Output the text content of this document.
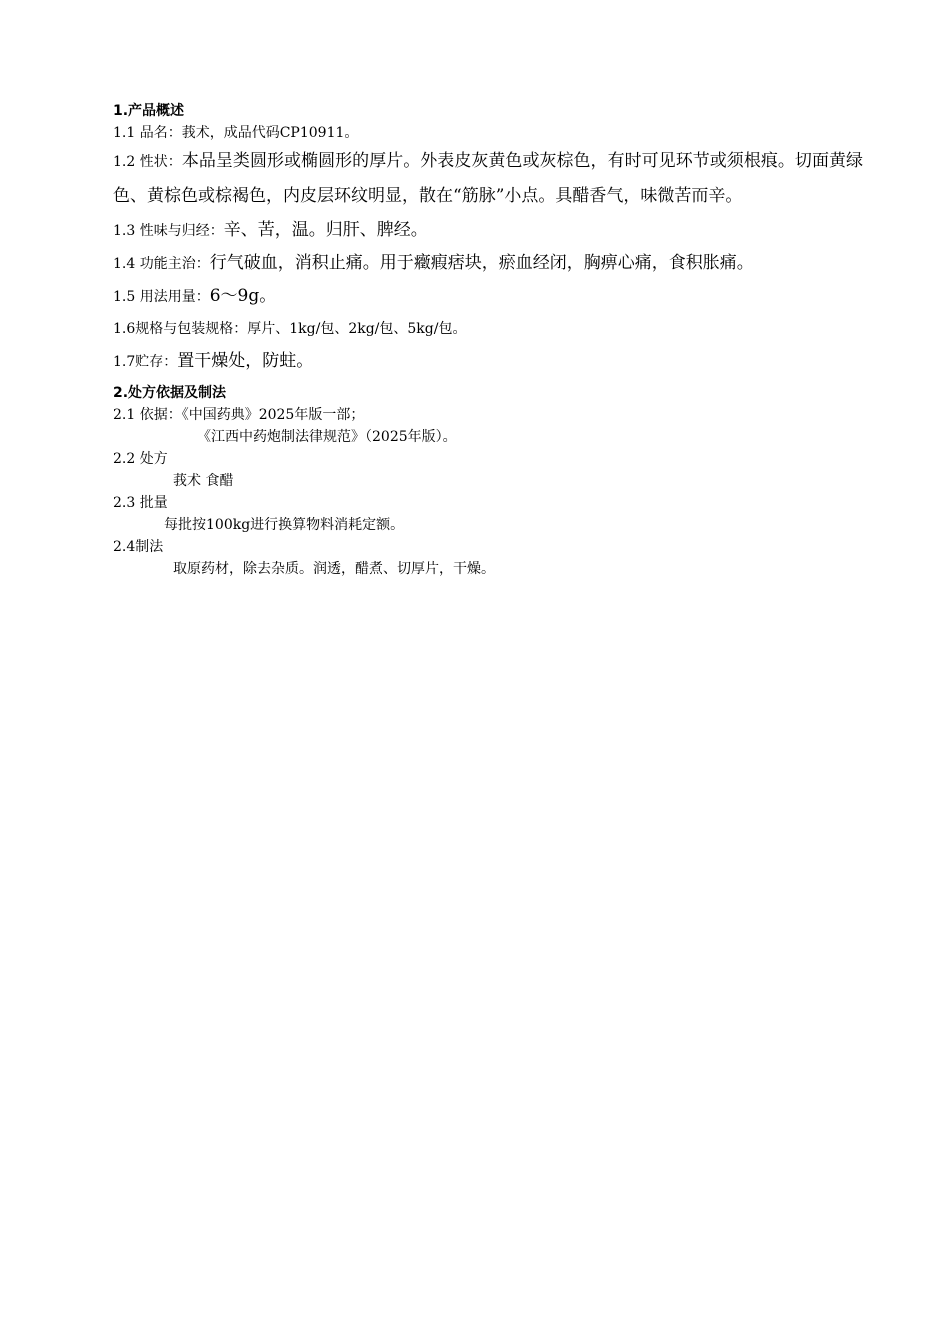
1.产品概述

1.1 品名：莪术，成品代码CP10911。

1.2 性状：本品呈类圆形或椭圆形的厚片。外表皮灰黄色或灰棕色，有时可见环节或须根痕。切面黄绿色、黄棕色或棕褐色，内皮层环纹明显，散在“筋脉”小点。具醋香气，味微苦而辛。

1.3 性味与归经：辛、苦，温。归肝、脾经。

1.4 功能主治：行气破血，消积止痛。用于癥瘕痞块，瘀血经闭，胸痹心痛，食积胀痛。

1.5 用法用量：6～9g。

1.6规格与包装规格：厚片、1kg/包、2kg/包、5kg/包。

1.7贮存：置干燥处，防蛀。

2.处方依据及制法

2.1 依据：《中国药典》2025年版一部；

《江西中药炮制法律规范》（2025年版）。

2.2 处方

莪术 食醋

2.3 批量

每批按100kg进行换算物料消耗定额。

2.4制法

取原药材，除去杂质。润透，醋煮、切厚片，干燥。
